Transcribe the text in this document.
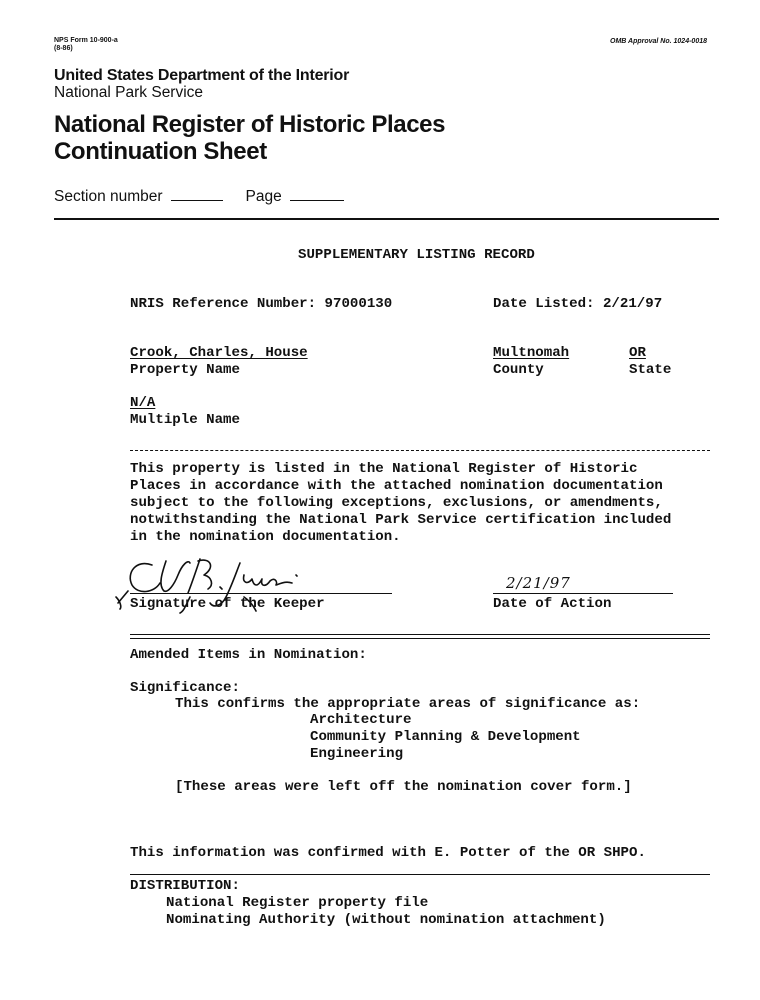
NPS Form 10-900-a
(8-86)
OMB Approval No. 1024-0018
United States Department of the Interior
National Park Service
National Register of Historic Places
Continuation Sheet
Section number	Page
SUPPLEMENTARY LISTING RECORD
NRIS Reference Number: 97000130	Date Listed: 2/21/97
Crook, Charles, House
Property Name
Multnomah
County
OR
State
N/A
Multiple Name
This property is listed in the National Register of Historic
Places in accordance with the attached nomination documentation
subject to the following exceptions, exclusions, or amendments,
notwithstanding the National Park Service certification included
in the nomination documentation.
Signature of the Keeper
2/21/97
Date of Action
Amended Items in Nomination:
Significance:
This confirms the appropriate areas of significance as:
Architecture
Community Planning & Development
Engineering
[These areas were left off the nomination cover form.]
This information was confirmed with E. Potter of the OR SHPO.
DISTRIBUTION:
National Register property file
Nominating Authority (without nomination attachment)
